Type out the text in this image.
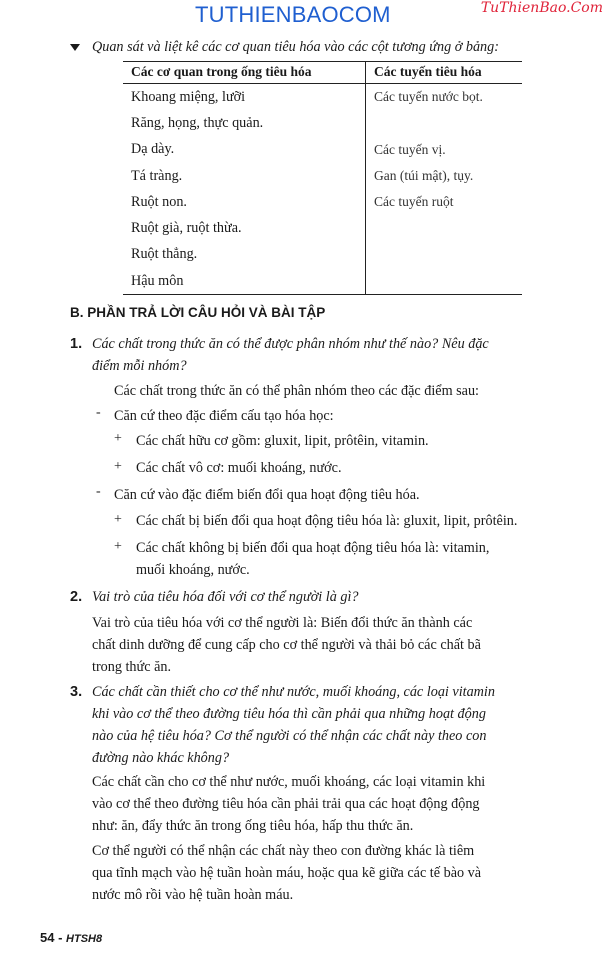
TUTHIENBAOCOM	TuThienBao.Com
Quan sát và liệt kê các cơ quan tiêu hóa vào các cột tương ứng ở bảng:
Các cơ quan trong ống tiêu hóa	Các tuyến tiêu hóa
Khoang miệng, lưỡi	Các tuyến nước bọt.
Răng, họng, thực quản.	
Dạ dày.	Các tuyến vị.
Tá tràng.	Gan (túi mật), tụy.
Ruột non.	Các tuyến ruột
Ruột già, ruột thừa.	
Ruột thẳng.	
Hậu môn	
B. PHẦN TRẢ LỜI CÂU HỎI VÀ BÀI TẬP
1. Các chất trong thức ăn có thể được phân nhóm như thế nào? Nêu đặc
điểm mỗi nhóm?
Các chất trong thức ăn có thể phân nhóm theo các đặc điểm sau:
- Căn cứ theo đặc điểm cấu tạo hóa học:
+ Các chất hữu cơ gồm: gluxit, lipit, prôtêin, vitamin.
+ Các chất vô cơ: muối khoáng, nước.
- Căn cứ vào đặc điểm biến đổi qua hoạt động tiêu hóa.
+ Các chất bị biến đổi qua hoạt động tiêu hóa là: gluxit, lipit, prôtêin.
+ Các chất không bị biến đổi qua hoạt động tiêu hóa là: vitamin,
muối khoáng, nước.
2. Vai trò của tiêu hóa đối với cơ thể người là gì?
Vai trò của tiêu hóa với cơ thể người là: Biến đổi thức ăn thành các
chất dinh dưỡng để cung cấp cho cơ thể người và thải bỏ các chất bã
trong thức ăn.
3. Các chất cần thiết cho cơ thể như nước, muối khoáng, các loại vitamin
khi vào cơ thể theo đường tiêu hóa thì cần phải qua những hoạt động
nào của hệ tiêu hóa? Cơ thể người có thể nhận các chất này theo con
đường nào khác không?
Các chất cần cho cơ thể như nước, muối khoáng, các loại vitamin khi
vào cơ thể theo đường tiêu hóa cần phải trải qua các hoạt động động
như: ăn, đẩy thức ăn trong ống tiêu hóa, hấp thu thức ăn.
Cơ thể người có thể nhận các chất này theo con đường khác là tiêm
qua tĩnh mạch vào hệ tuần hoàn máu, hoặc qua kẽ giữa các tế bào và
nước mô rồi vào hệ tuần hoàn máu.
54 - HTSH8
